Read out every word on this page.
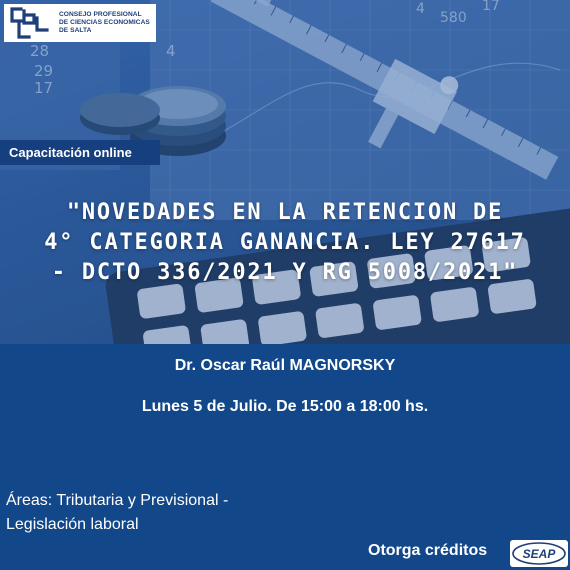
4
580
17
4
28
29
17
CONSEJO PROFESIONAL
DE CIENCIAS ECONOMICAS
DE SALTA
Capacitación online
"NOVEDADES EN LA RETENCION DE
4° CATEGORIA GANANCIA. LEY 27617
- DCTO 336/2021 Y RG 5008/2021"
Dr. Oscar Raúl MAGNORSKY
Lunes 5 de Julio. De 15:00 a 18:00 hs.
Áreas: Tributaria y Previsional -
Legislación laboral
Otorga créditos	SEAP
